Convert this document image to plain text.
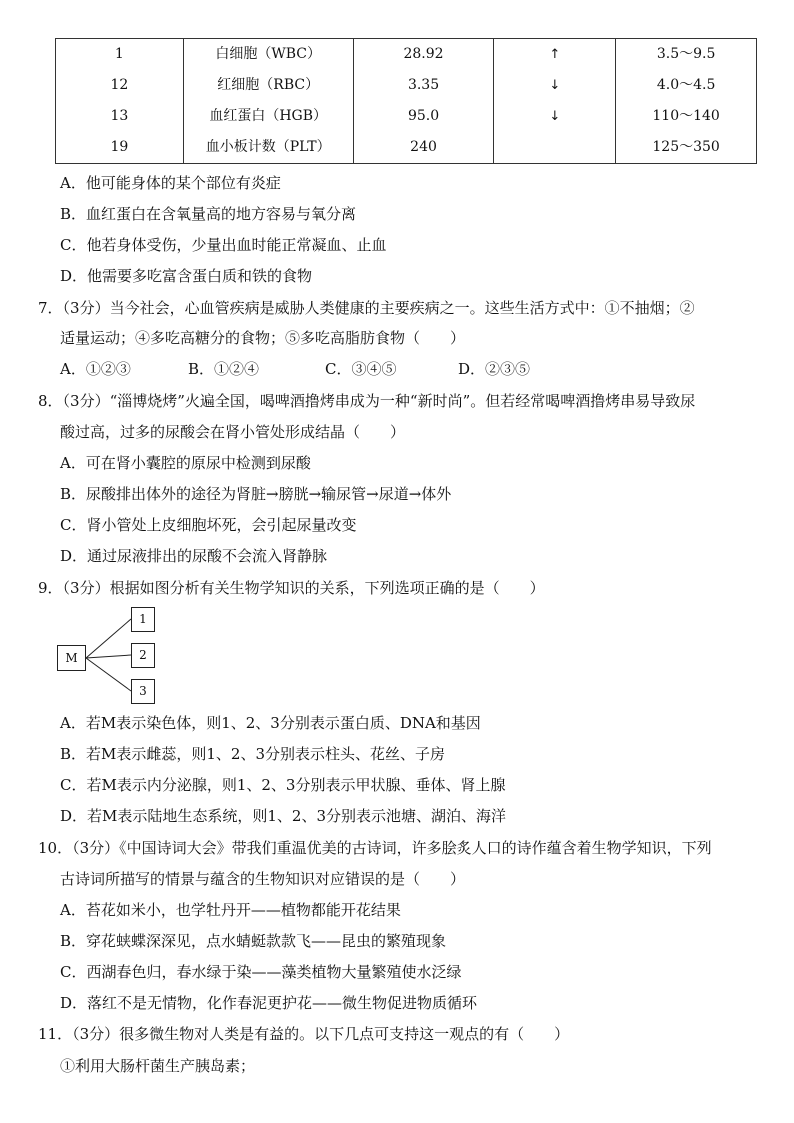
1	白细胞（WBC）	28.92	↑	3.5～9.5
12	红细胞（RBC）	3.35	↓	4.0～4.5
13	血红蛋白（HGB）	95.0	↓	110～140
19	血小板计数（PLT）	240		125～350
A．他可能身体的某个部位有炎症
B．血红蛋白在含氧量高的地方容易与氧分离
C．他若身体受伤，少量出血时能正常凝血、止血
D．他需要多吃富含蛋白质和铁的食物
7．（3分）当今社会，心血管疾病是威胁人类健康的主要疾病之一。这些生活方式中：①不抽烟；②
适量运动；④多吃高糖分的食物；⑤多吃高脂肪食物（　　）
A．①②③	B．①②④	C．③④⑤	D．②③⑤
8．（3分）“淄博烧烤”火遍全国，喝啤酒撸烤串成为一种“新时尚”。但若经常喝啤酒撸烤串易导致尿
酸过高，过多的尿酸会在肾小管处形成结晶（　　）
A．可在肾小囊腔的原尿中检测到尿酸
B．尿酸排出体外的途径为肾脏→膀胱→输尿管→尿道→体外
C．肾小管处上皮细胞坏死，会引起尿量改变
D．通过尿液排出的尿酸不会流入肾静脉
9．（3分）根据如图分析有关生物学知识的关系，下列选项正确的是（　　）
M
1
2
3
A．若M表示染色体，则1、2、3分别表示蛋白质、DNA和基因
B．若M表示雌蕊，则1、2、3分别表示柱头、花丝、子房
C．若M表示内分泌腺，则1、2、3分别表示甲状腺、垂体、肾上腺
D．若M表示陆地生态系统，则1、2、3分别表示池塘、湖泊、海洋
10．（3分）《中国诗词大会》带我们重温优美的古诗词，许多脍炙人口的诗作蕴含着生物学知识，下列
古诗词所描写的情景与蕴含的生物知识对应错误的是（　　）
A．苔花如米小，也学牡丹开——植物都能开花结果
B．穿花蛱蝶深深见，点水蜻蜓款款飞——昆虫的繁殖现象
C．西湖春色归，春水绿于染——藻类植物大量繁殖使水泛绿
D．落红不是无情物，化作春泥更护花——微生物促进物质循环
11．（3分）很多微生物对人类是有益的。以下几点可支持这一观点的有（　　）
①利用大肠杆菌生产胰岛素；
